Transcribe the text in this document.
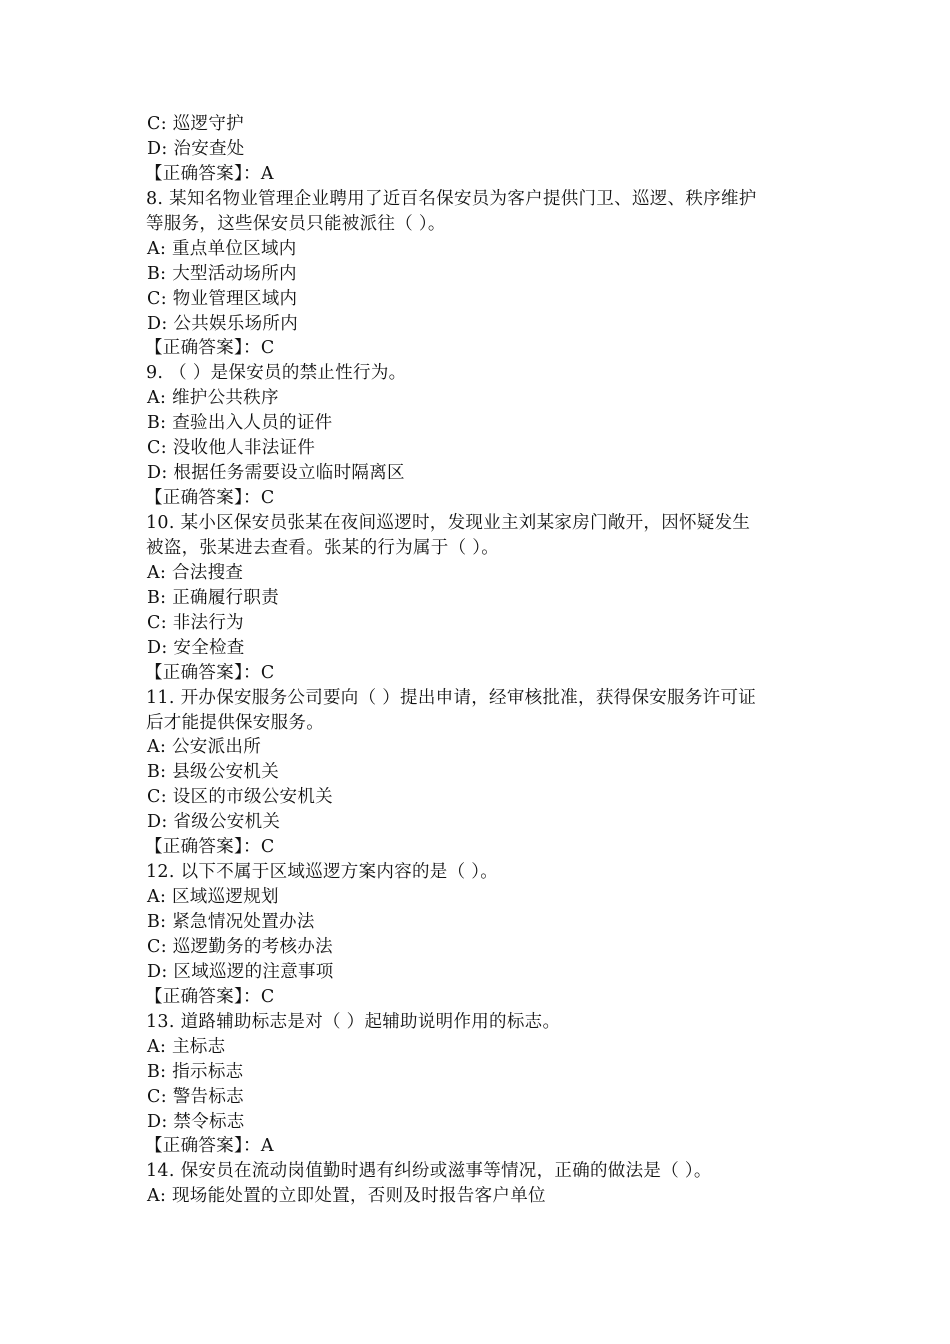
C: 巡逻守护
D: 治安查处
【正确答案】：A
8. 某知名物业管理企业聘用了近百名保安员为客户提供门卫、巡逻、秩序维护
等服务，这些保安员只能被派往（ ）。
A: 重点单位区域内
B: 大型活动场所内
C: 物业管理区域内
D: 公共娱乐场所内
【正确答案】：C
9. （ ）是保安员的禁止性行为。
A: 维护公共秩序
B: 查验出入人员的证件
C: 没收他人非法证件
D: 根据任务需要设立临时隔离区
【正确答案】：C
10. 某小区保安员张某在夜间巡逻时，发现业主刘某家房门敞开，因怀疑发生
被盗，张某进去查看。张某的行为属于（ ）。
A: 合法搜查
B: 正确履行职责
C: 非法行为
D: 安全检查
【正确答案】：C
11. 开办保安服务公司要向（ ）提出申请，经审核批准，获得保安服务许可证
后才能提供保安服务。
A: 公安派出所
B: 县级公安机关
C: 设区的市级公安机关
D: 省级公安机关
【正确答案】：C
12. 以下不属于区域巡逻方案内容的是（ ）。
A: 区域巡逻规划
B: 紧急情况处置办法
C: 巡逻勤务的考核办法
D: 区域巡逻的注意事项
【正确答案】：C
13. 道路辅助标志是对（ ）起辅助说明作用的标志。
A: 主标志
B: 指示标志
C: 警告标志
D: 禁令标志
【正确答案】：A
14. 保安员在流动岗值勤时遇有纠纷或滋事等情况，正确的做法是（ ）。
A: 现场能处置的立即处置，否则及时报告客户单位
